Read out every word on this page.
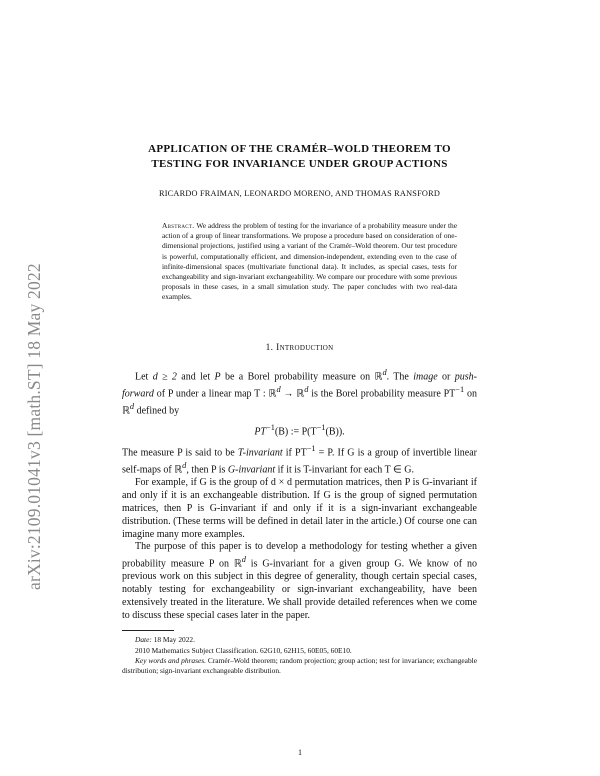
arXiv:2109.01041v3 [math.ST] 18 May 2022
APPLICATION OF THE CRAMÉR–WOLD THEOREM TO
TESTING FOR INVARIANCE UNDER GROUP ACTIONS
RICARDO FRAIMAN, LEONARDO MORENO, AND THOMAS RANSFORD
Abstract. We address the problem of testing for the invariance of a probability measure under the action of a group of linear transformations. We propose a procedure based on consideration of one-dimensional projections, justified using a variant of the Cramér–Wold theorem. Our test procedure is powerful, computationally efficient, and dimension-independent, extending even to the case of infinite-dimensional spaces (multivariate functional data). It includes, as special cases, tests for exchangeability and sign-invariant exchangeability. We compare our procedure with some previous proposals in these cases, in a small simulation study. The paper concludes with two real-data examples.
1. Introduction

Let d ≥ 2 and let P be a Borel probability measure on ℝ$^d$. The image or push-forward of P under a linear map T : ℝ$^d$ → ℝ$^d$ is the Borel probability measure $PT^{-1}$ on ℝ$^d$ defined by

$PT^{-1}(B)$ := $P(T^{-1}(B))$.

The measure P is said to be T-invariant if $PT^{-1} = P$. If G is a group of invertible linear self-maps of ℝ$^d$, then P is G-invariant if it is T-invariant for each T ∈ G.

For example, if G is the group of d × d permutation matrices, then P is G-invariant if and only if it is an exchangeable distribution. If G is the group of signed permutation matrices, then P is G-invariant if and only if it is a sign-invariant exchangeable distribution. (These terms will be defined in detail later in the article.) Of course one can imagine many more examples.

The purpose of this paper is to develop a methodology for testing whether a given probability measure P on ℝ$^d$ is G-invariant for a given group G. We know of no previous work on this subject in this degree of generality, though certain special cases, notably testing for exchangeability or sign-invariant exchangeability, have been extensively treated in the literature. We shall provide detailed references when we come to discuss these special cases later in the paper.

Date: 18 May 2022.
2010 Mathematics Subject Classification. 62G10, 62H15, 60E05, 60E10.
Key words and phrases. Cramér–Wold theorem; random projection; group action; test for invariance; exchangeable distribution; sign-invariant exchangeable distribution.
1
